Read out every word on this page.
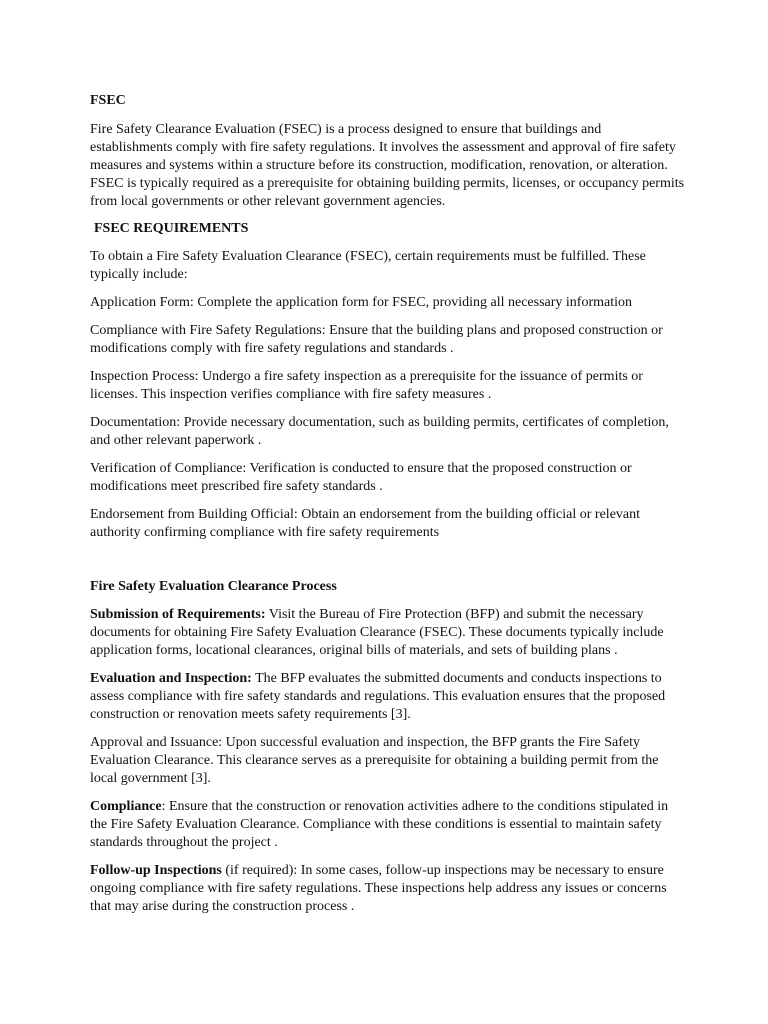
FSEC

Fire Safety Clearance Evaluation (FSEC) is a process designed to ensure that buildings and establishments comply with fire safety regulations. It involves the assessment and approval of fire safety measures and systems within a structure before its construction, modification, renovation, or alteration. FSEC is typically required as a prerequisite for obtaining building permits, licenses, or occupancy permits from local governments or other relevant government agencies.

FSEC REQUIREMENTS

To obtain a Fire Safety Evaluation Clearance (FSEC), certain requirements must be fulfilled. These typically include:

Application Form: Complete the application form for FSEC, providing all necessary information

Compliance with Fire Safety Regulations: Ensure that the building plans and proposed construction or modifications comply with fire safety regulations and standards .

Inspection Process: Undergo a fire safety inspection as a prerequisite for the issuance of permits or licenses. This inspection verifies compliance with fire safety measures .

Documentation: Provide necessary documentation, such as building permits, certificates of completion, and other relevant paperwork .

Verification of Compliance: Verification is conducted to ensure that the proposed construction or modifications meet prescribed fire safety standards .

Endorsement from Building Official: Obtain an endorsement from the building official or relevant authority confirming compliance with fire safety requirements

Fire Safety Evaluation Clearance Process

Submission of Requirements: Visit the Bureau of Fire Protection (BFP) and submit the necessary documents for obtaining Fire Safety Evaluation Clearance (FSEC). These documents typically include application forms, locational clearances, original bills of materials, and sets of building plans .

Evaluation and Inspection: The BFP evaluates the submitted documents and conducts inspections to assess compliance with fire safety standards and regulations. This evaluation ensures that the proposed construction or renovation meets safety requirements [3].

Approval and Issuance: Upon successful evaluation and inspection, the BFP grants the Fire Safety Evaluation Clearance. This clearance serves as a prerequisite for obtaining a building permit from the local government [3].

Compliance: Ensure that the construction or renovation activities adhere to the conditions stipulated in the Fire Safety Evaluation Clearance. Compliance with these conditions is essential to maintain safety standards throughout the project .

Follow-up Inspections (if required): In some cases, follow-up inspections may be necessary to ensure ongoing compliance with fire safety regulations. These inspections help address any issues or concerns that may arise during the construction process .
